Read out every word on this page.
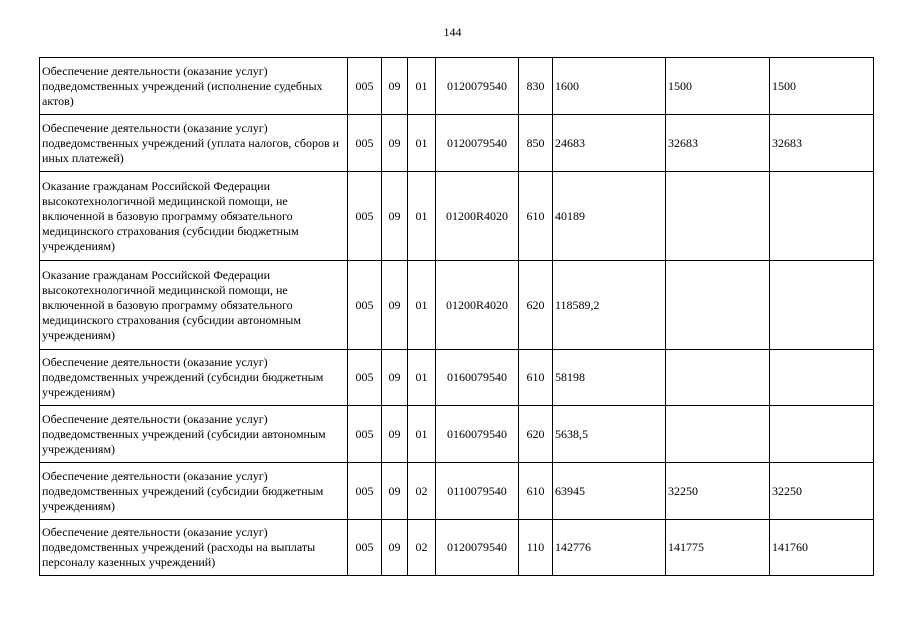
144
Обеспечение деятельности (оказание услуг) подведомственных учреждений (исполнение судебных актов)	005	09	01	0120079540	830	1600	1500	1500
Обеспечение деятельности (оказание услуг) подведомственных учреждений (уплата налогов, сборов и иных платежей)	005	09	01	0120079540	850	24683	32683	32683
Оказание гражданам Российской Федерации высокотехнологичной медицинской помощи, не включенной в базовую программу обязательного медицинского страхования (субсидии бюджетным учреждениям)	005	09	01	01200R4020	610	40189		
Оказание гражданам Российской Федерации высокотехнологичной медицинской помощи, не включенной в базовую программу обязательного медицинского страхования (субсидии автономным учреждениям)	005	09	01	01200R4020	620	118589,2		
Обеспечение деятельности (оказание услуг) подведомственных учреждений (субсидии бюджетным учреждениям)	005	09	01	0160079540	610	58198		
Обеспечение деятельности (оказание услуг) подведомственных учреждений (субсидии автономным учреждениям)	005	09	01	0160079540	620	5638,5		
Обеспечение деятельности (оказание услуг) подведомственных учреждений (субсидии бюджетным учреждениям)	005	09	02	0110079540	610	63945	32250	32250
Обеспечение деятельности (оказание услуг) подведомственных учреждений (расходы на выплаты персоналу казенных учреждений)	005	09	02	0120079540	110	142776	141775	141760
